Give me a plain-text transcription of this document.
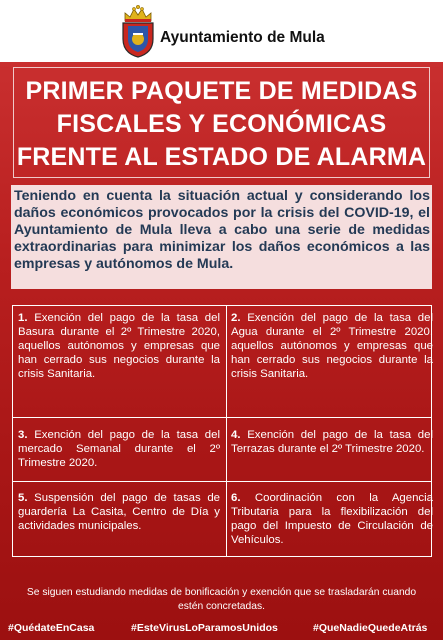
Ayuntamiento de Mula
PRIMER PAQUETE DE MEDIDAS
FISCALES Y ECONÓMICAS
FRENTE AL ESTADO DE ALARMA
Teniendo en cuenta la situación actual y considerando los daños económicos provocados por la crisis del COVID-19, el Ayuntamiento de Mula lleva a cabo una serie de medidas extraordinarias para minimizar los daños económicos a las empresas y autónomos de Mula.
1. Exención del pago de la tasa del Basura durante el 2º Trimestre 2020, aquellos autónomos y empresas que han cerrado sus negocios durante la crisis Sanitaria.
2. Exención del pago de la tasa del Agua durante el 2º Trimestre 2020, aquellos autónomos y empresas que han cerrado sus negocios durante la crisis Sanitaria.
3. Exención del pago de la tasa del mercado Semanal durante el 2º Trimestre 2020.
4. Exención del pago de la tasa del Terrazas durante el 2º Trimestre 2020.
5. Suspensión del pago de tasas de guardería La Casita, Centro de Día y actividades municipales.
6. Coordinación con la Agencia Tributaria para la flexibilización del pago del Impuesto de Circulación de Vehículos.
Se siguen estudiando medidas de bonificación y exención que se trasladarán cuando estén concretadas.
#QuédateEnCasa	#EsteVirusLoParamosUnidos	#QueNadieQuedeAtrás
